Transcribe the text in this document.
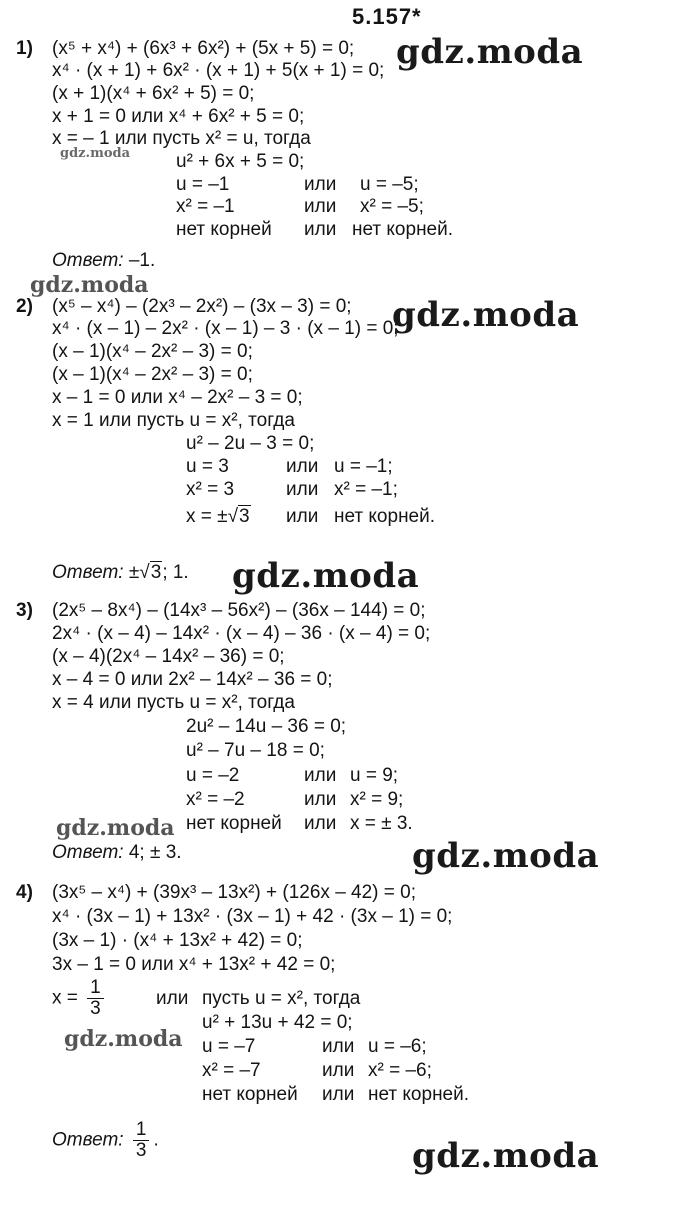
5.157*
gdz.moda
gdz.moda
gdz.moda
gdz.moda
gdz.moda
gdz.moda
gdz.moda
gdz.moda
gdz.moda
1) (x⁵ + x⁴) + (6x³ + 6x²) + (5x + 5) = 0;
x⁴ · (x + 1) + 6x² · (x + 1) + 5(x + 1) = 0;
(x + 1)(x⁴ + 6x² + 5) = 0;
x + 1 = 0 или x⁴ + 6x² + 5 = 0;
x = – 1 или пусть x² = u, тогда
u² + 6x + 5 = 0;
u = –1	или u = –5;
x² = –1	или x² = –5;
нет корней или нет корней.
Ответ: –1.
2) (x⁵ – x⁴) – (2x³ – 2x²) – (3x – 3) = 0;
x⁴ · (x – 1) – 2x² · (x – 1) – 3 · (x – 1) = 0;
(x – 1)(x⁴ – 2x² – 3) = 0;
(x – 1)(x⁴ – 2x² – 3) = 0;
x – 1 = 0 или x⁴ – 2x² – 3 = 0;
x = 1 или пусть u = x², тогда
u² – 2u – 3 = 0;
u = 3	или u = –1;
x² = 3	или x² = –1;
x = ±√3 или нет корней.
Ответ: ±√3; 1.
3) (2x⁵ – 8x⁴) – (14x³ – 56x²) – (36x – 144) = 0;
2x⁴ · (x – 4) – 14x² · (x – 4) – 36 · (x – 4) = 0;
(x – 4)(2x⁴ – 14x² – 36) = 0;
x – 4 = 0 или 2x² – 14x² – 36 = 0;
x = 4 или пусть u = x², тогда
2u² – 14u – 36 = 0;
u² – 7u – 18 = 0;
u = –2	или u = 9;
x² = –2	или x² = 9;
нет корней или x = ± 3.
Ответ: 4; ± 3.
4) (3x⁵ – x⁴) + (39x³ – 13x²) + (126x – 42) = 0;
x⁴ · (3x – 1) + 13x² · (3x – 1) + 42 · (3x – 1) = 0;
(3x – 1) · (x⁴ + 13x² + 42) = 0;
3x – 1 = 0 или x⁴ + 13x² + 42 = 0;
$x = \frac{1}{3}$	или пусть u = x², тогда
u² + 13u + 42 = 0;
u = –7	или u = –6;
x² = –7	или x² = –6;
нет корней или нет корней.
Ответ: $\frac{1}{3}$ .
